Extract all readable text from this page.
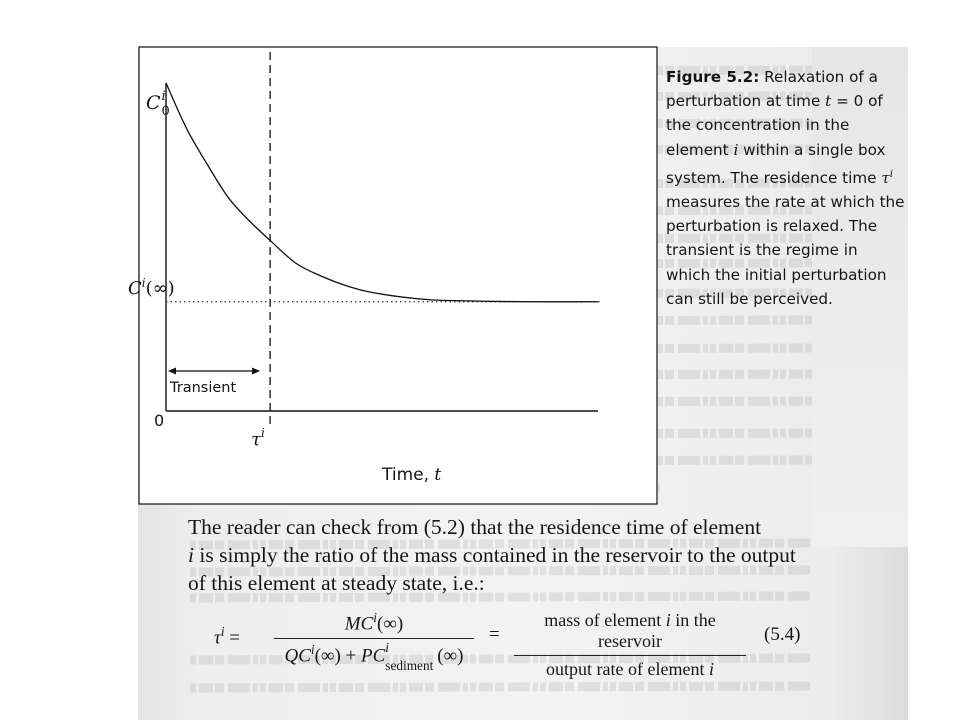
C i
0
$C^i(\infty)$
0
Transient
$\tau^i$
Time, t
Figure 5.2: Relaxation of a perturbation at time t = 0 of the concentration in the element i within a single box system. The residence time $\tau^i$ measures the rate at which the perturbation is relaxed. The transient is the regime in which the initial perturbation can still be perceived.
The reader can check from (5.2) that the residence time of element
i is simply the ratio of the mass contained in the reservoir to the output
of this element at steady state, i.e.:
$\tau^i$ =
$MC^i(\infty)$
$QC^i(\infty)$ + PC i
sediment (∞)
=
mass of element i in the reservoir
output rate of element i
(5.4)
